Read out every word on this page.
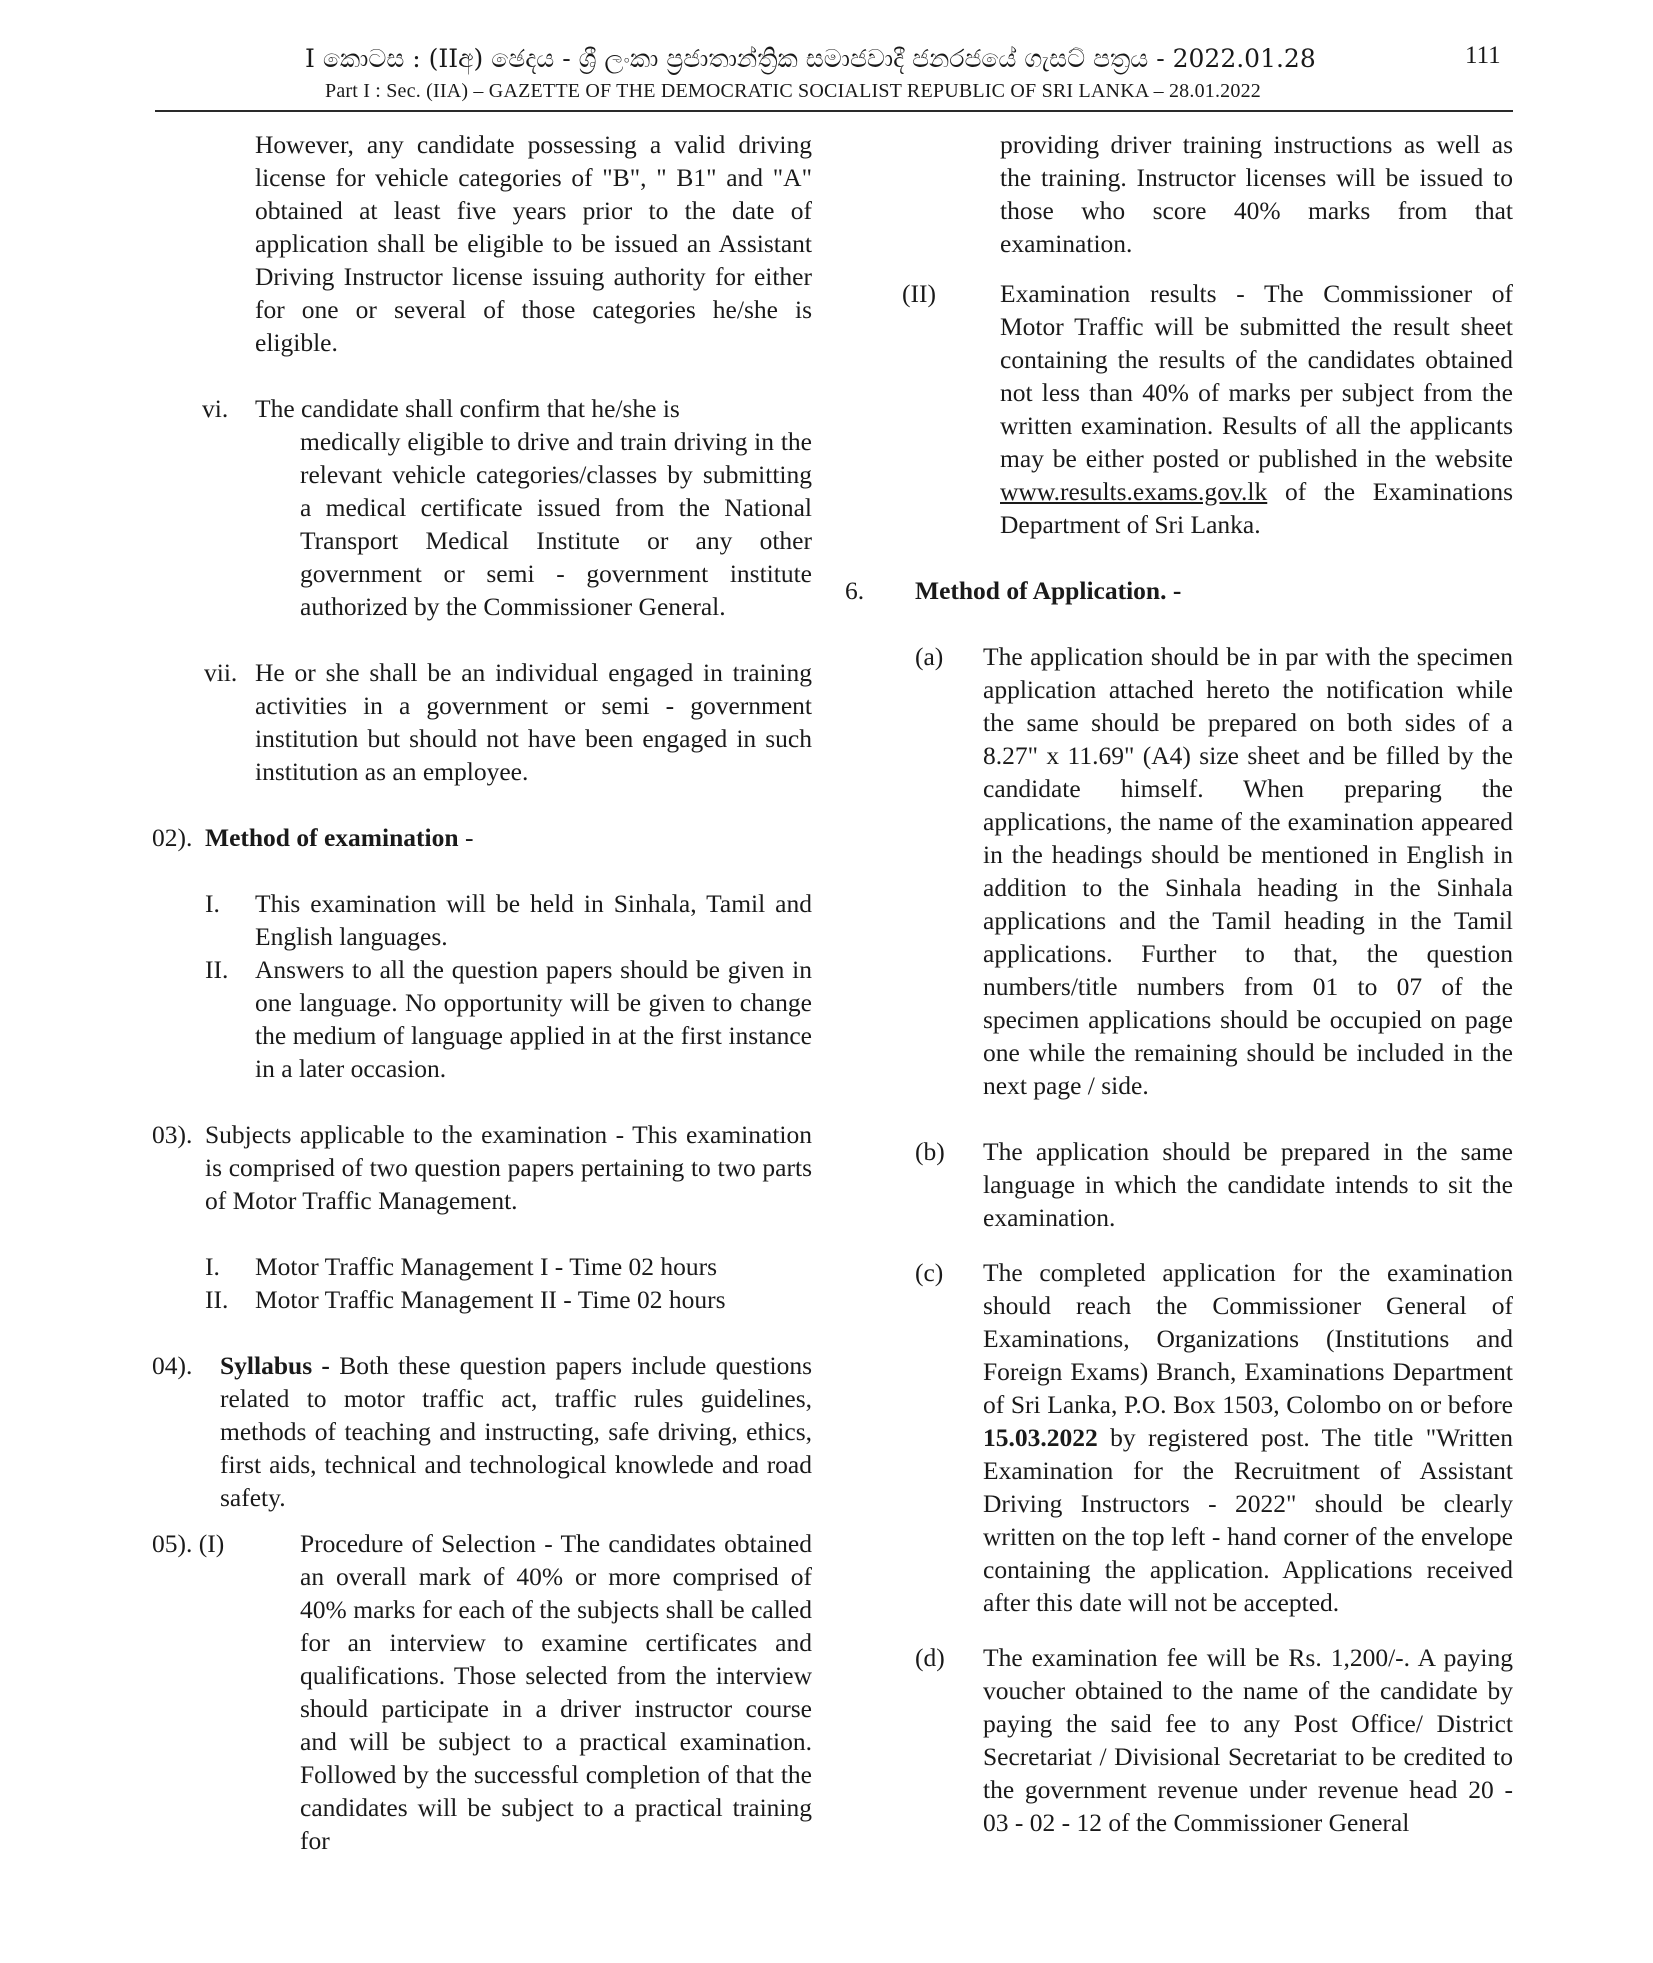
I කොටස : (IIඅ) ඡෙදය - ශ්‍රී ලංකා ප්‍රජාතාන්ත්‍රික සමාජවාදී ජනරජයේ ගැසට් පත්‍රය - 2022.01.28
Part I : Sec. (IIA) – GAZETTE OF THE DEMOCRATIC SOCIALIST REPUBLIC OF SRI LANKA – 28.01.2022
111

However, any candidate possessing a valid driving license for vehicle categories of "B", " B1" and "A" obtained at least five years prior to the date of application shall be eligible to be issued an Assistant Driving Instructor license issuing authority for either for one or several of those categories he/she is eligible.

vi. The candidate shall confirm that he/she is

medically eligible to drive and train driving in the relevant vehicle categories/classes by submitting a medical certificate issued from the National Transport Medical Institute or any other government or semi - government institute authorized by the Commissioner General.

vii. He or she shall be an individual engaged in training activities in a government or semi - government institution but should not have been engaged in such institution as an employee.

02). Method of examination -

I. This examination will be held in Sinhala, Tamil and English languages.

II. Answers to all the question papers should be given in one language. No opportunity will be given to change the medium of language applied in at the first instance in a later occasion.

03). Subjects applicable to the examination - This examination is comprised of two question papers pertaining to two parts of Motor Traffic Management.

I. Motor Traffic Management I - Time 02 hours

II. Motor Traffic Management II - Time 02 hours

04). Syllabus - Both these question papers include questions related to motor traffic act, traffic rules guidelines, methods of teaching and instructing, safe driving, ethics, first aids, technical and technological knowlede and road safety.

05). (I)	Procedure of Selection - The candidates obtained an overall mark of 40% or more comprised of 40% marks for each of the subjects shall be called for an interview to examine certificates and qualifications. Those selected from the interview should participate in a driver instructor course and will be subject to a practical examination. Followed by the successful completion of that the candidates will be subject to a practical training for

providing driver training instructions as well as the training. Instructor licenses will be issued to those who score 40% marks from that examination.

(II)	Examination results - The Commissioner of Motor Traffic will be submitted the result sheet containing the results of the candidates obtained not less than 40% of marks per subject from the written examination. Results of all the applicants may be either posted or published in the website www.results.exams.gov.lk of the Examinations Department of Sri Lanka.

6. Method of Application. -

(a) The application should be in par with the specimen application attached hereto the notification while the same should be prepared on both sides of a 8.27" x 11.69" (A4) size sheet and be filled by the candidate himself. When preparing the applications, the name of the examination appeared in the headings should be mentioned in English in addition to the Sinhala heading in the Sinhala applications and the Tamil heading in the Tamil applications. Further to that, the question numbers/title numbers from 01 to 07 of the specimen applications should be occupied on page one while the remaining should be included in the next page / side.

(b) The application should be prepared in the same language in which the candidate intends to sit the examination.

(c) The completed application for the examination should reach the Commissioner General of Examinations, Organizations (Institutions and Foreign Exams) Branch, Examinations Department of Sri Lanka, P.O. Box 1503, Colombo on or before 15.03.2022 by registered post. The title "Written Examination for the Recruitment of Assistant Driving Instructors - 2022" should be clearly written on the top left - hand corner of the envelope containing the application. Applications received after this date will not be accepted.

(d) The examination fee will be Rs. 1,200/-. A paying voucher obtained to the name of the candidate by paying the said fee to any Post Office/ District Secretariat / Divisional Secretariat to be credited to the government revenue under revenue head 20 - 03 - 02 - 12 of the Commissioner General
